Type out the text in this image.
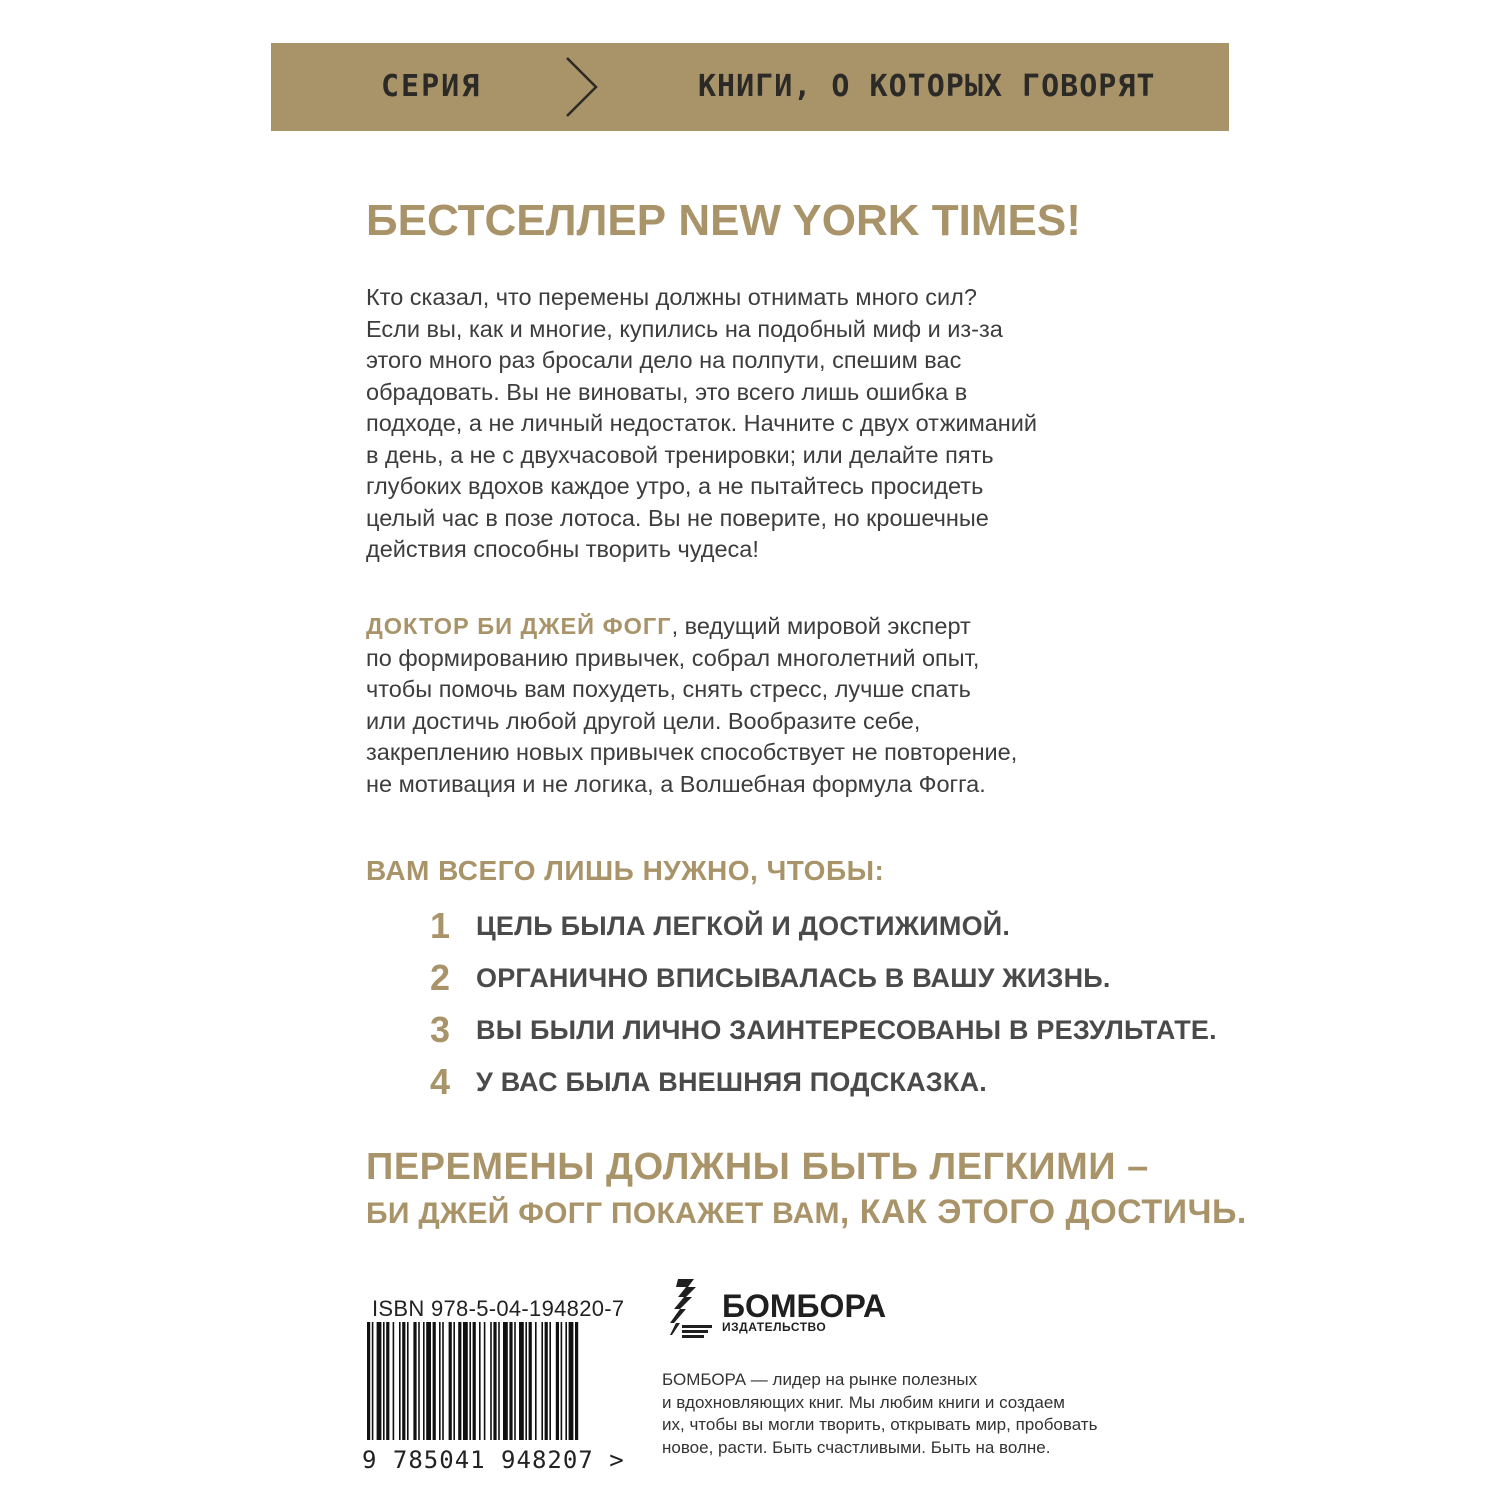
СЕРИЯ	КНИГИ, О КОТОРЫХ ГОВОРЯТ
БЕСТСЕЛЛЕР NEW YORK TIMES!
Кто сказал, что перемены должны отнимать много сил?
Если вы, как и многие, купились на подобный миф и из-за
этого много раз бросали дело на полпути, спешим вас
обрадовать. Вы не виноваты, это всего лишь ошибка в
подходе, а не личный недостаток. Начните с двух отжиманий
в день, а не с двухчасовой тренировки; или делайте пять
глубоких вдохов каждое утро, а не пытайтесь просидеть
целый час в позе лотоса. Вы не поверите, но крошечные
действия способны творить чудеса!
ДОКТОР БИ ДЖЕЙ ФОГГ, ведущий мировой эксперт
по формированию привычек, собрал многолетний опыт,
чтобы помочь вам похудеть, снять стресс, лучше спать
или достичь любой другой цели. Вообразите себе,
закреплению новых привычек способствует не повторение,
не мотивация и не логика, а Волшебная формула Фогга.
ВАМ ВСЕГО ЛИШЬ НУЖНО, ЧТОБЫ:
1 ЦЕЛЬ БЫЛА ЛЕГКОЙ И ДОСТИЖИМОЙ.
2 ОРГАНИЧНО ВПИСЫВАЛАСЬ В ВАШУ ЖИЗНЬ.
3 ВЫ БЫЛИ ЛИЧНО ЗАИНТЕРЕСОВАНЫ В РЕЗУЛЬТАТЕ.
4 У ВАС БЫЛА ВНЕШНЯЯ ПОДСКАЗКА.
ПЕРЕМЕНЫ ДОЛЖНЫ БЫТЬ ЛЕГКИМИ –
БИ ДЖЕЙ ФОГГ ПОКАЖЕТ ВАМ, КАК ЭТОГО ДОСТИЧЬ.
ISBN 978-5-04-194820-7
9 785041 948207 >
БОМБОРА
ИЗДАТЕЛЬСТВО
БОМБОРА — лидер на рынке полезных
и вдохновляющих книг. Мы любим книги и создаем
их, чтобы вы могли творить, открывать мир, пробовать
новое, расти. Быть счастливыми. Быть на волне.
